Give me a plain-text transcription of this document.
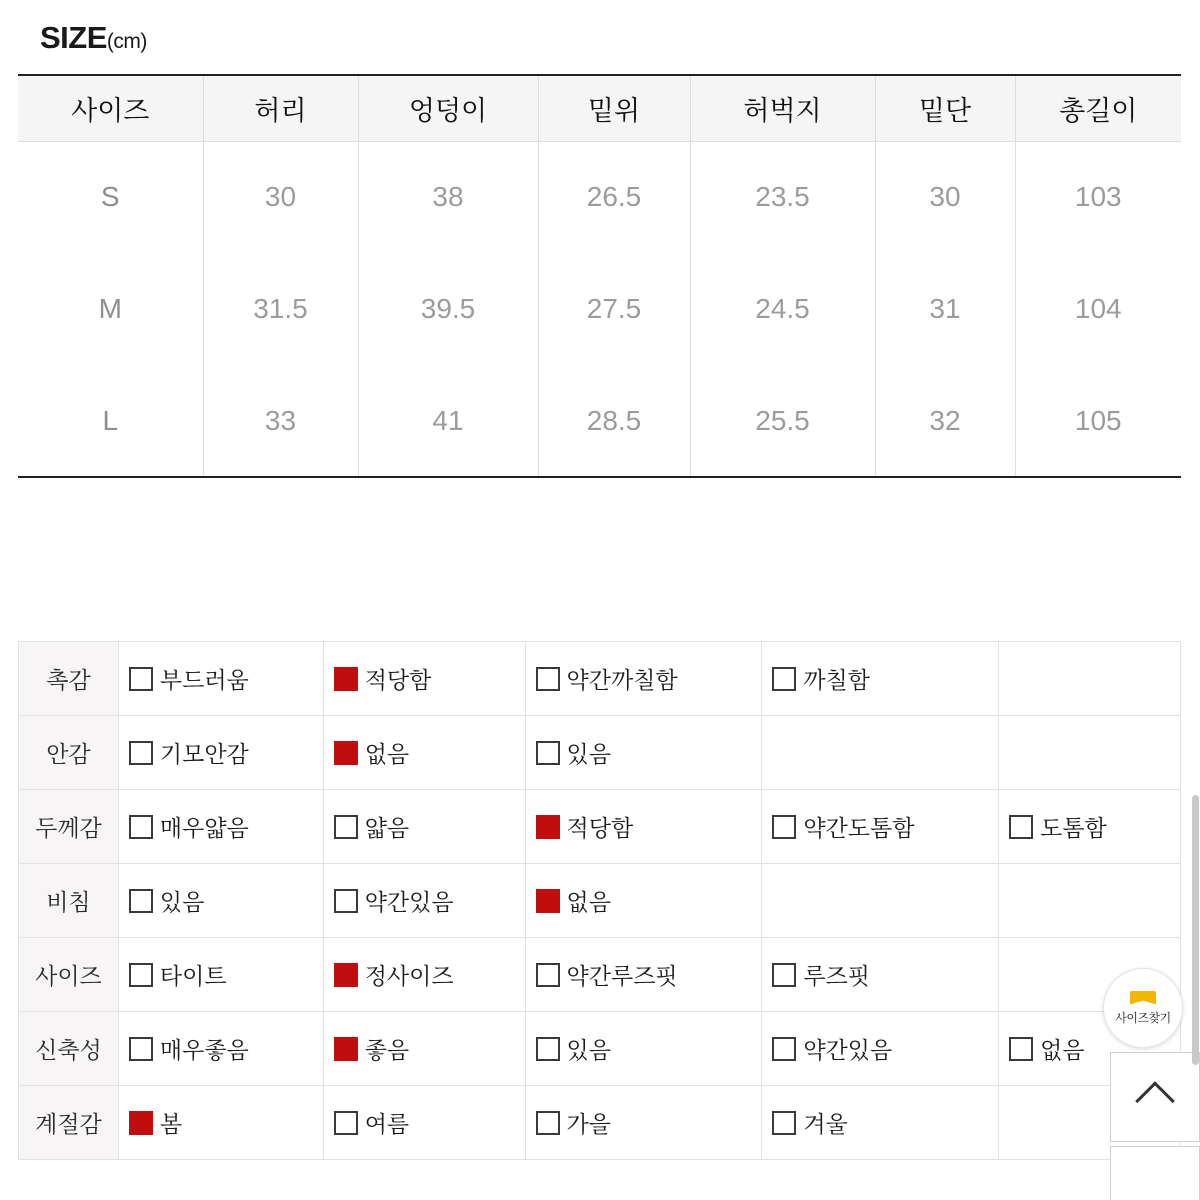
SIZE (cm)
사이즈	허리	엉덩이	밑위	허벅지	밑단	총길이
S	30	38	26.5	23.5	30	103
M	31.5	39.5	27.5	24.5	31	104
L	33	41	28.5	25.5	32	105
촉감	부드러움	적당함	약간까칠함	까칠함	

안감	기모안감	없음	있음		

두께감	매우얇음	얇음	적당함	약간도톰함	도톰함

비침	있음	약간있음	없음		

사이즈	타이트	정사이즈	약간루즈핏	루즈핏	

신축성	매우좋음	좋음	있음	약간있음	없음

계절감	봄	여름	가을	겨울	

사이즈찾기
